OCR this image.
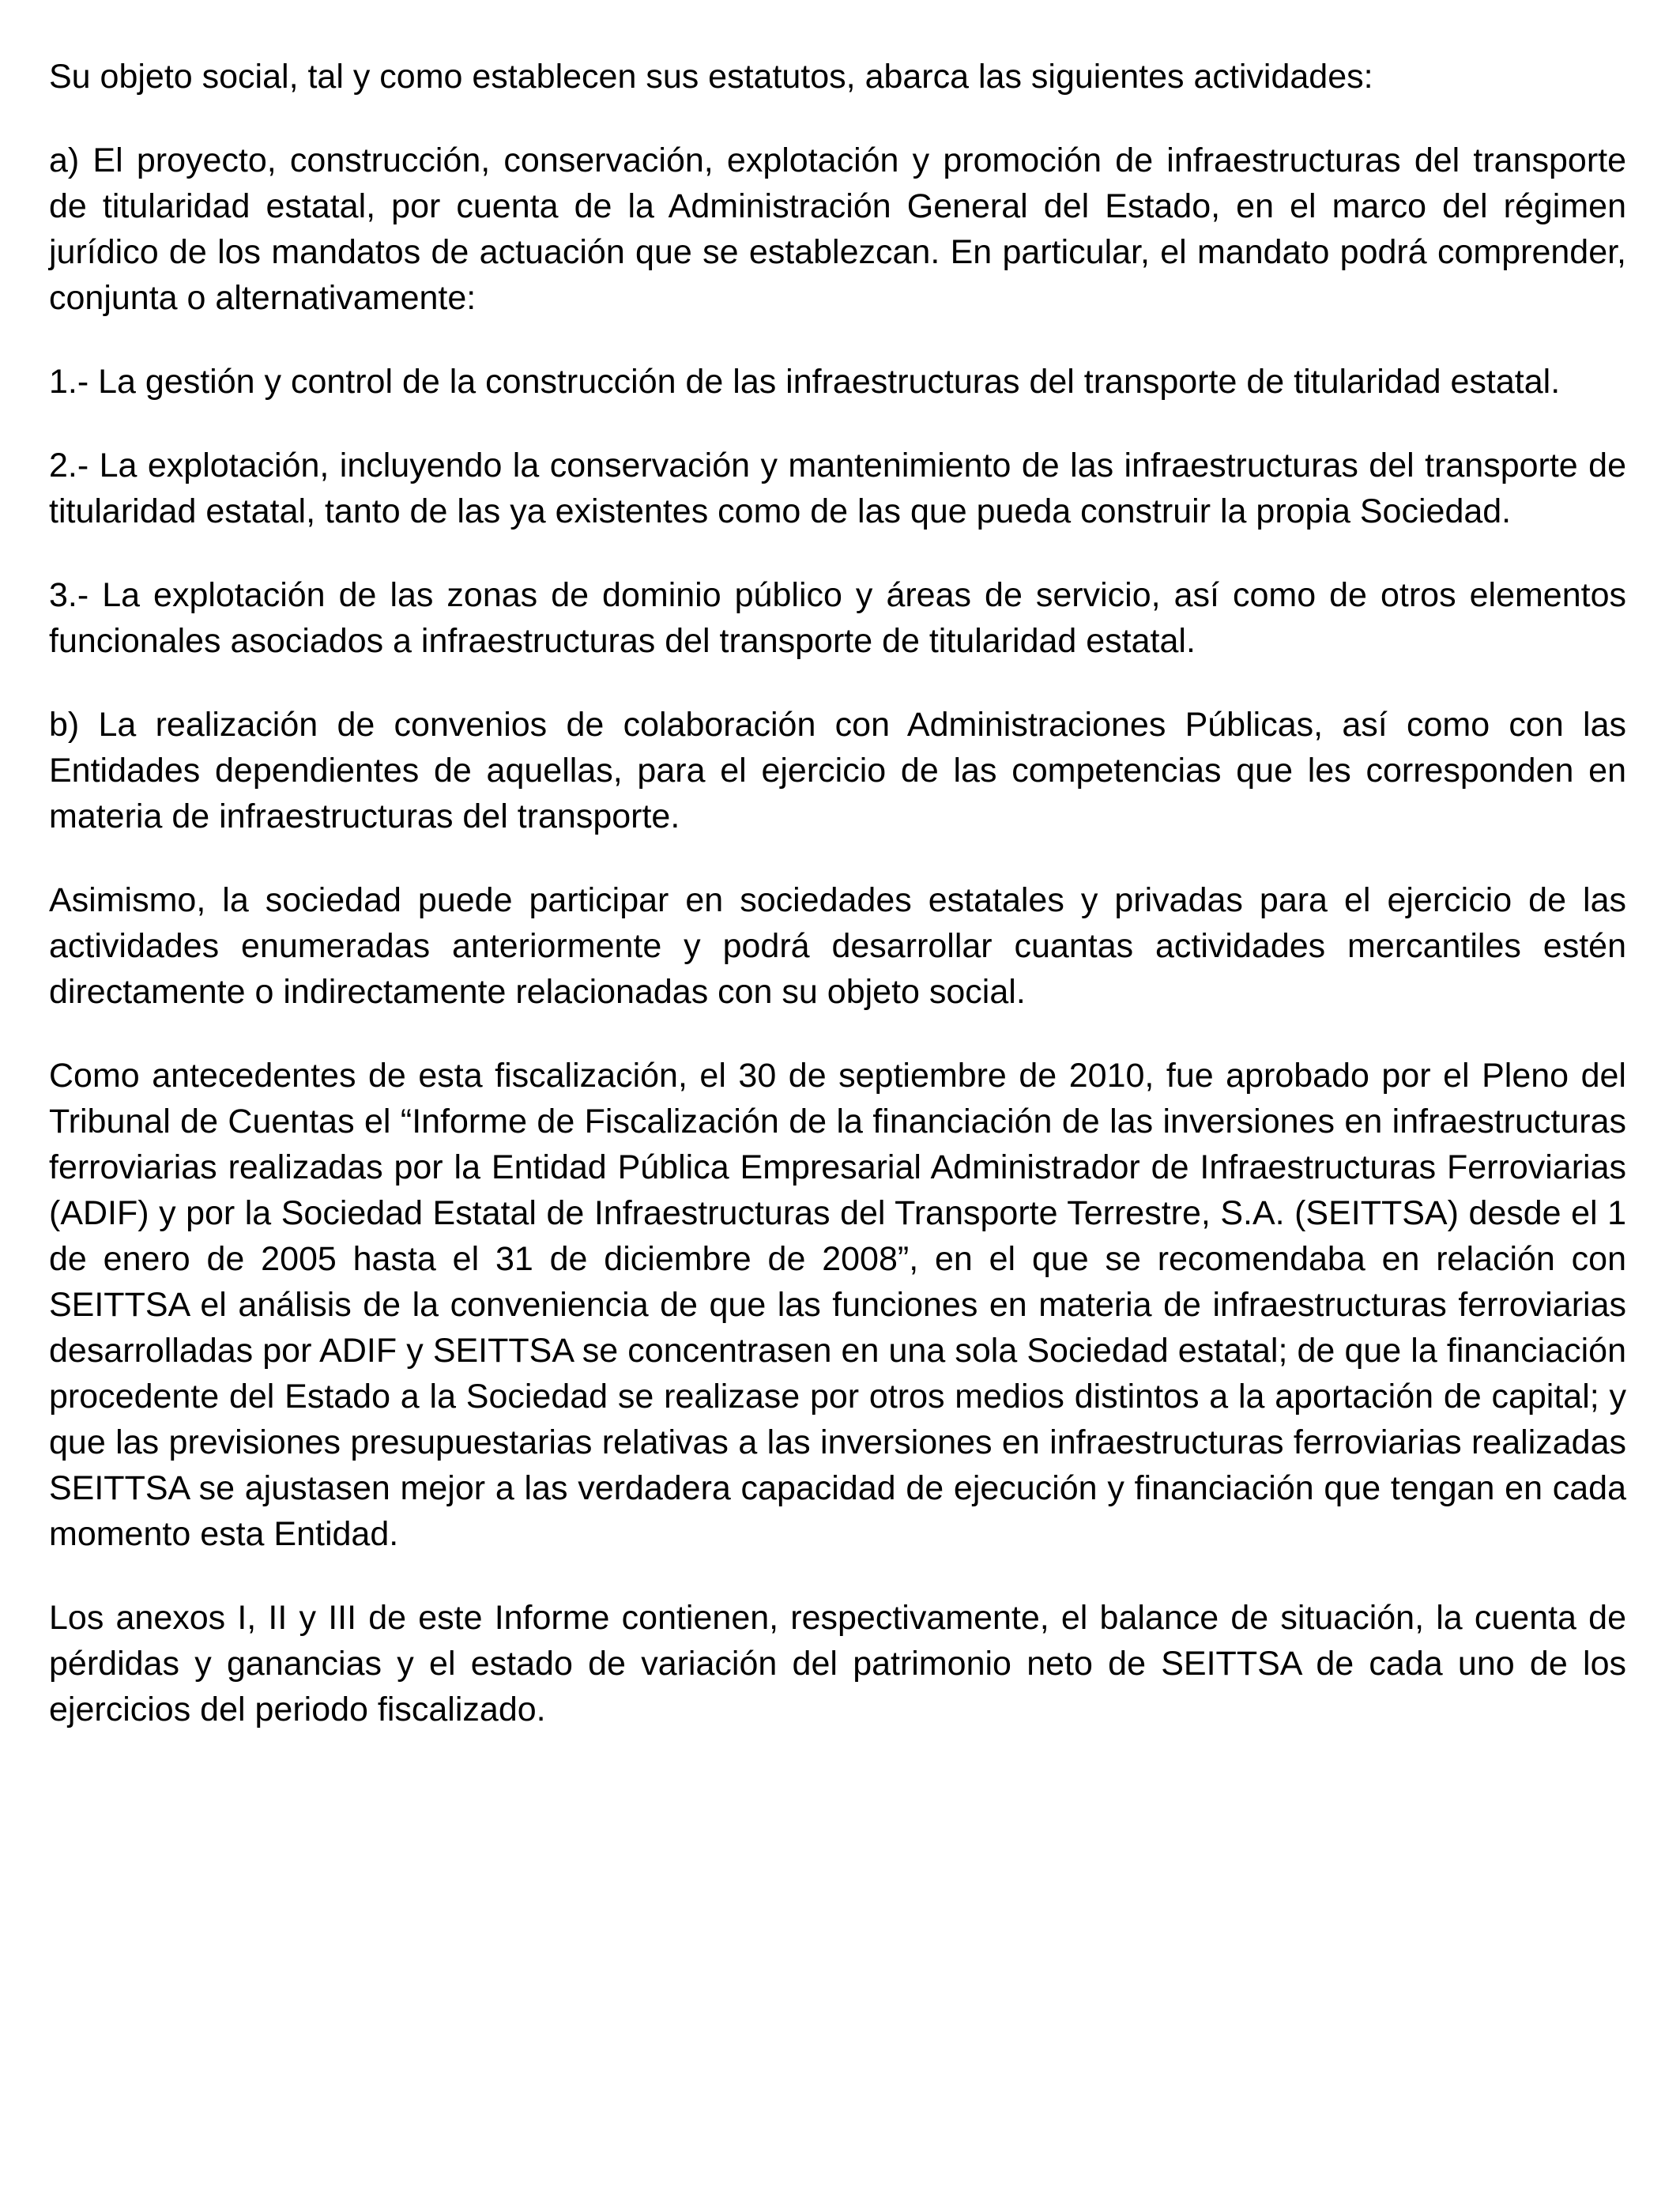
Su objeto social, tal y como establecen sus estatutos, abarca las siguientes actividades:

a) El proyecto, construcción, conservación, explotación y promoción de infraestructuras del transporte de titularidad estatal, por cuenta de la Administración General del Estado, en el marco del régimen jurídico de los mandatos de actuación que se establezcan. En particular, el mandato podrá comprender, conjunta o alternativamente:

1.- La gestión y control de la construcción de las infraestructuras del transporte de titularidad estatal.

2.- La explotación, incluyendo la conservación y mantenimiento de las infraestructuras del transporte de titularidad estatal, tanto de las ya existentes como de las que pueda construir la propia Sociedad.

3.- La explotación de las zonas de dominio público y áreas de servicio, así como de otros elementos funcionales asociados a infraestructuras del transporte de titularidad estatal.

b) La realización de convenios de colaboración con Administraciones Públicas, así como con las Entidades dependientes de aquellas, para el ejercicio de las competencias que les corresponden en materia de infraestructuras del transporte.

Asimismo, la sociedad puede participar en sociedades estatales y privadas para el ejercicio de las actividades enumeradas anteriormente y podrá desarrollar cuantas actividades mercantiles estén directamente o indirectamente relacionadas con su objeto social.

Como antecedentes de esta fiscalización, el 30 de septiembre de 2010, fue aprobado por el Pleno del Tribunal de Cuentas el “Informe de Fiscalización de la financiación de las inversiones en infraestructuras ferroviarias realizadas por la Entidad Pública Empresarial Administrador de Infraestructuras Ferroviarias (ADIF) y por la Sociedad Estatal de Infraestructuras del Transporte Terrestre, S.A. (SEITTSA) desde el 1 de enero de 2005 hasta el 31 de diciembre de 2008”, en el que se recomendaba en relación con SEITTSA el análisis de la conveniencia de que las funciones en materia de infraestructuras ferroviarias desarrolladas por ADIF y SEITTSA se concentrasen en una sola Sociedad estatal; de que la financiación procedente del Estado a la Sociedad se realizase por otros medios distintos a la aportación de capital; y que las previsiones presupuestarias relativas a las inversiones en infraestructuras ferroviarias realizadas SEITTSA se ajustasen mejor a las verdadera capacidad de ejecución y financiación que tengan en cada momento esta Entidad.

Los anexos I, II y III de este Informe contienen, respectivamente, el balance de situación, la cuenta de pérdidas y ganancias y el estado de variación del patrimonio neto de SEITTSA de cada uno de los ejercicios del periodo fiscalizado.
